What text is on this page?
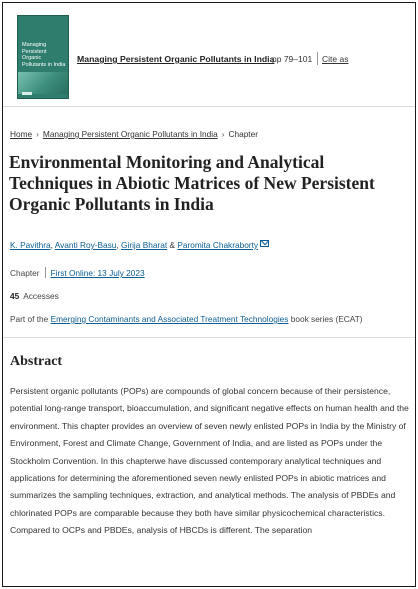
Managing Persistent Organic Pollutants in India
Managing Persistent Organic Pollutants in India
pp 79–101 Cite as
Home › Managing Persistent Organic Pollutants in India › Chapter
Environmental Monitoring and Analytical Techniques in Abiotic Matrices of New Persistent Organic Pollutants in India
K. Pavithra, Avanti Roy-Basu, Girija Bharat & Paromita Chakraborty
Chapter First Online: 13 July 2023
45 Accesses
Part of the Emerging Contaminants and Associated Treatment Technologies book series (ECAT)
Abstract

Persistent organic pollutants (POPs) are compounds of global concern because of their persistence, potential long-range transport, bioaccumulation, and significant negative effects on human health and the environment. This chapter provides an overview of seven newly enlisted POPs in India by the Ministry of Environment, Forest and Climate Change, Government of India, and are listed as POPs under the Stockholm Convention. In this chapterwe have discussed contemporary analytical techniques and applications for determining the aforementioned seven newly enlisted POPs in abiotic matrices and summarizes the sampling techniques, extraction, and analytical methods. The analysis of PBDEs and chlorinated POPs are comparable because they both have similar physicochemical characteristics. Compared to OCPs and PBDEs, analysis of HBCDs is different. The separation
